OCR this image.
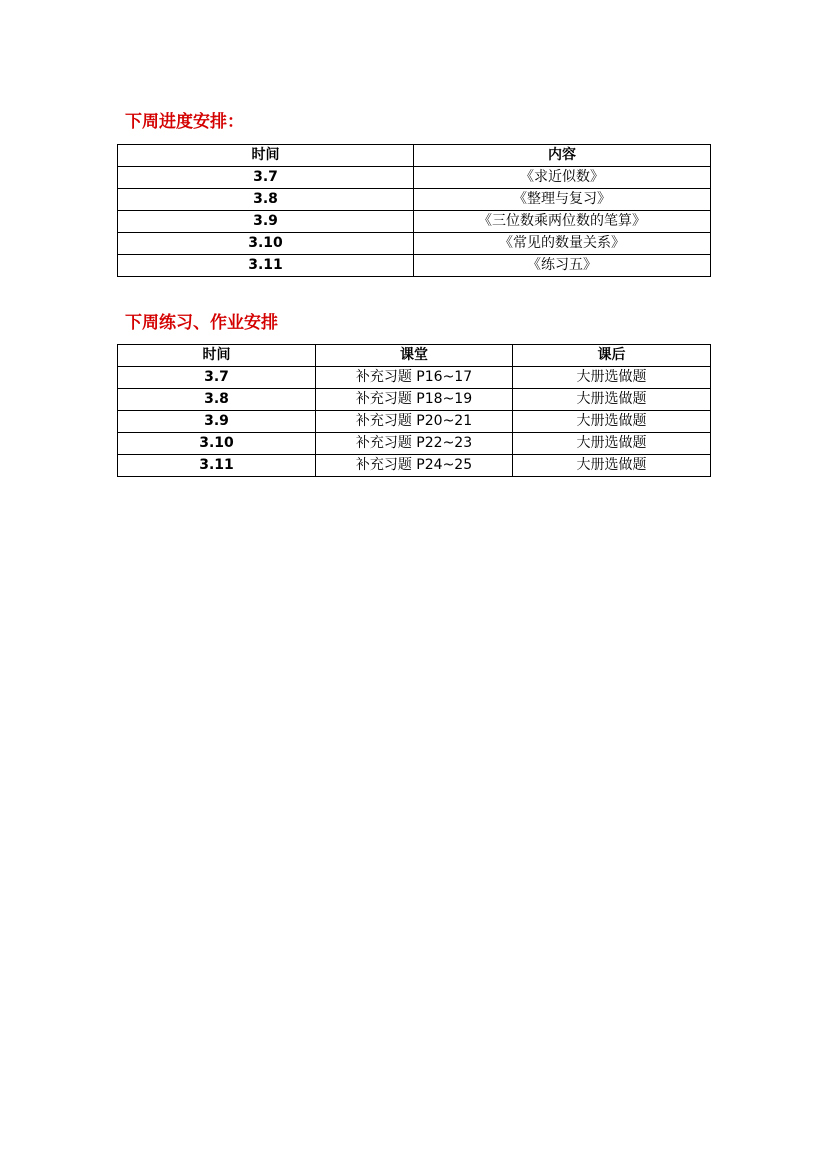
下周进度安排：
时间	内容
3.7	《求近似数》
3.8	《整理与复习》
3.9	《三位数乘两位数的笔算》
3.10	《常见的数量关系》
3.11	《练习五》
下周练习、作业安排
时间	课堂	课后
3.7	补充习题 P16~17	大册选做题
3.8	补充习题 P18~19	大册选做题
3.9	补充习题 P20~21	大册选做题
3.10	补充习题 P22~23	大册选做题
3.11	补充习题 P24~25	大册选做题
